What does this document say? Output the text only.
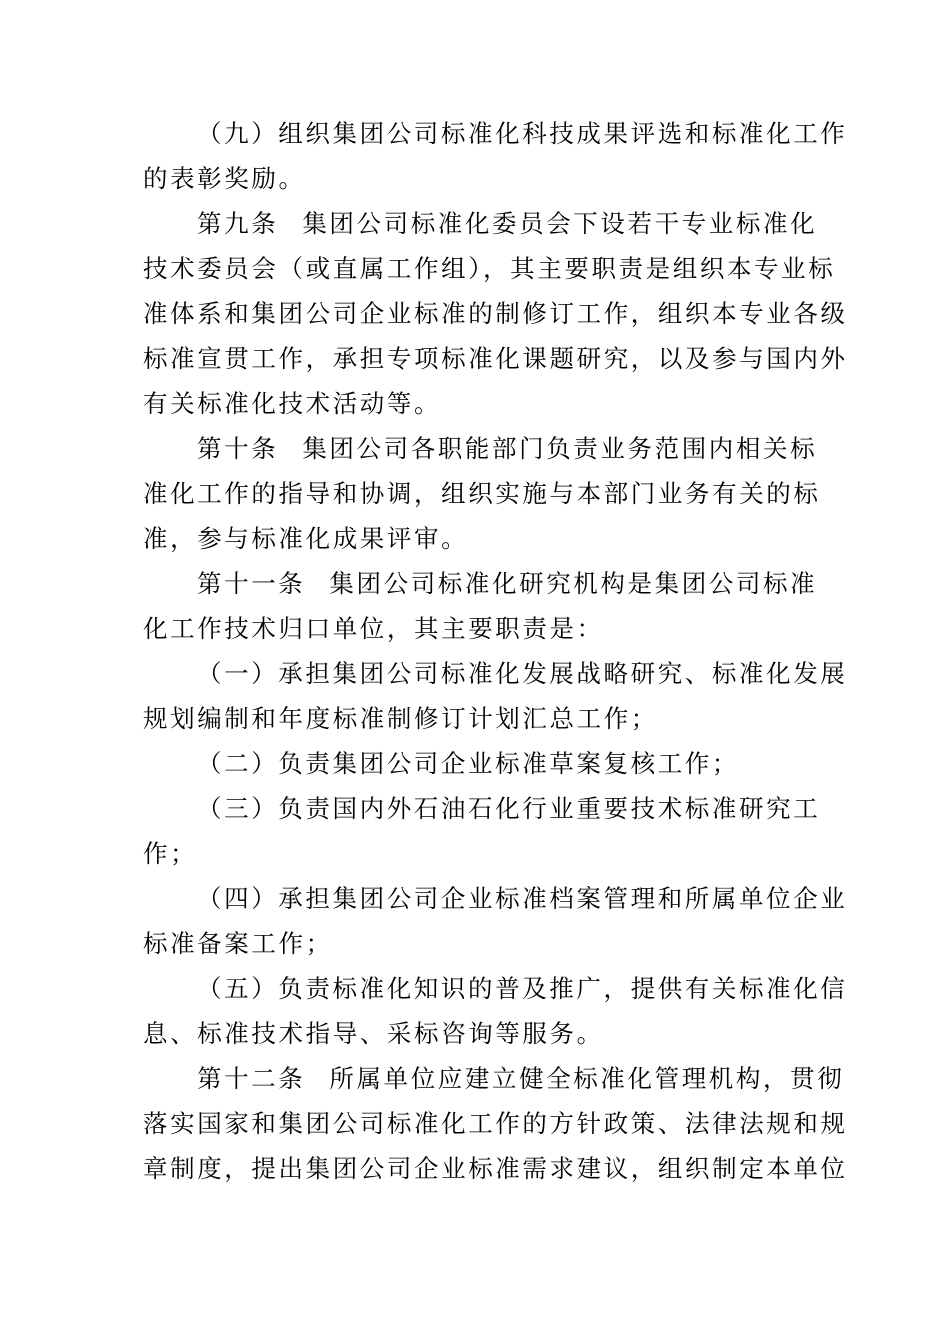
（九）组织集团公司标准化科技成果评选和标准化工作
的表彰奖励。
第九条 集团公司标准化委员会下设若干专业标准化
技术委员会（或直属工作组），其主要职责是组织本专业标
准体系和集团公司企业标准的制修订工作，组织本专业各级
标准宣贯工作，承担专项标准化课题研究，以及参与国内外
有关标准化技术活动等。
第十条 集团公司各职能部门负责业务范围内相关标
准化工作的指导和协调，组织实施与本部门业务有关的标
准，参与标准化成果评审。
第十一条 集团公司标准化研究机构是集团公司标准
化工作技术归口单位，其主要职责是：
（一）承担集团公司标准化发展战略研究、标准化发展
规划编制和年度标准制修订计划汇总工作；
（二）负责集团公司企业标准草案复核工作；
（三）负责国内外石油石化行业重要技术标准研究工
作；
（四）承担集团公司企业标准档案管理和所属单位企业
标准备案工作；
（五）负责标准化知识的普及推广，提供有关标准化信
息、标准技术指导、采标咨询等服务。
第十二条 所属单位应建立健全标准化管理机构，贯彻
落实国家和集团公司标准化工作的方针政策、法律法规和规
章制度，提出集团公司企业标准需求建议，组织制定本单位
